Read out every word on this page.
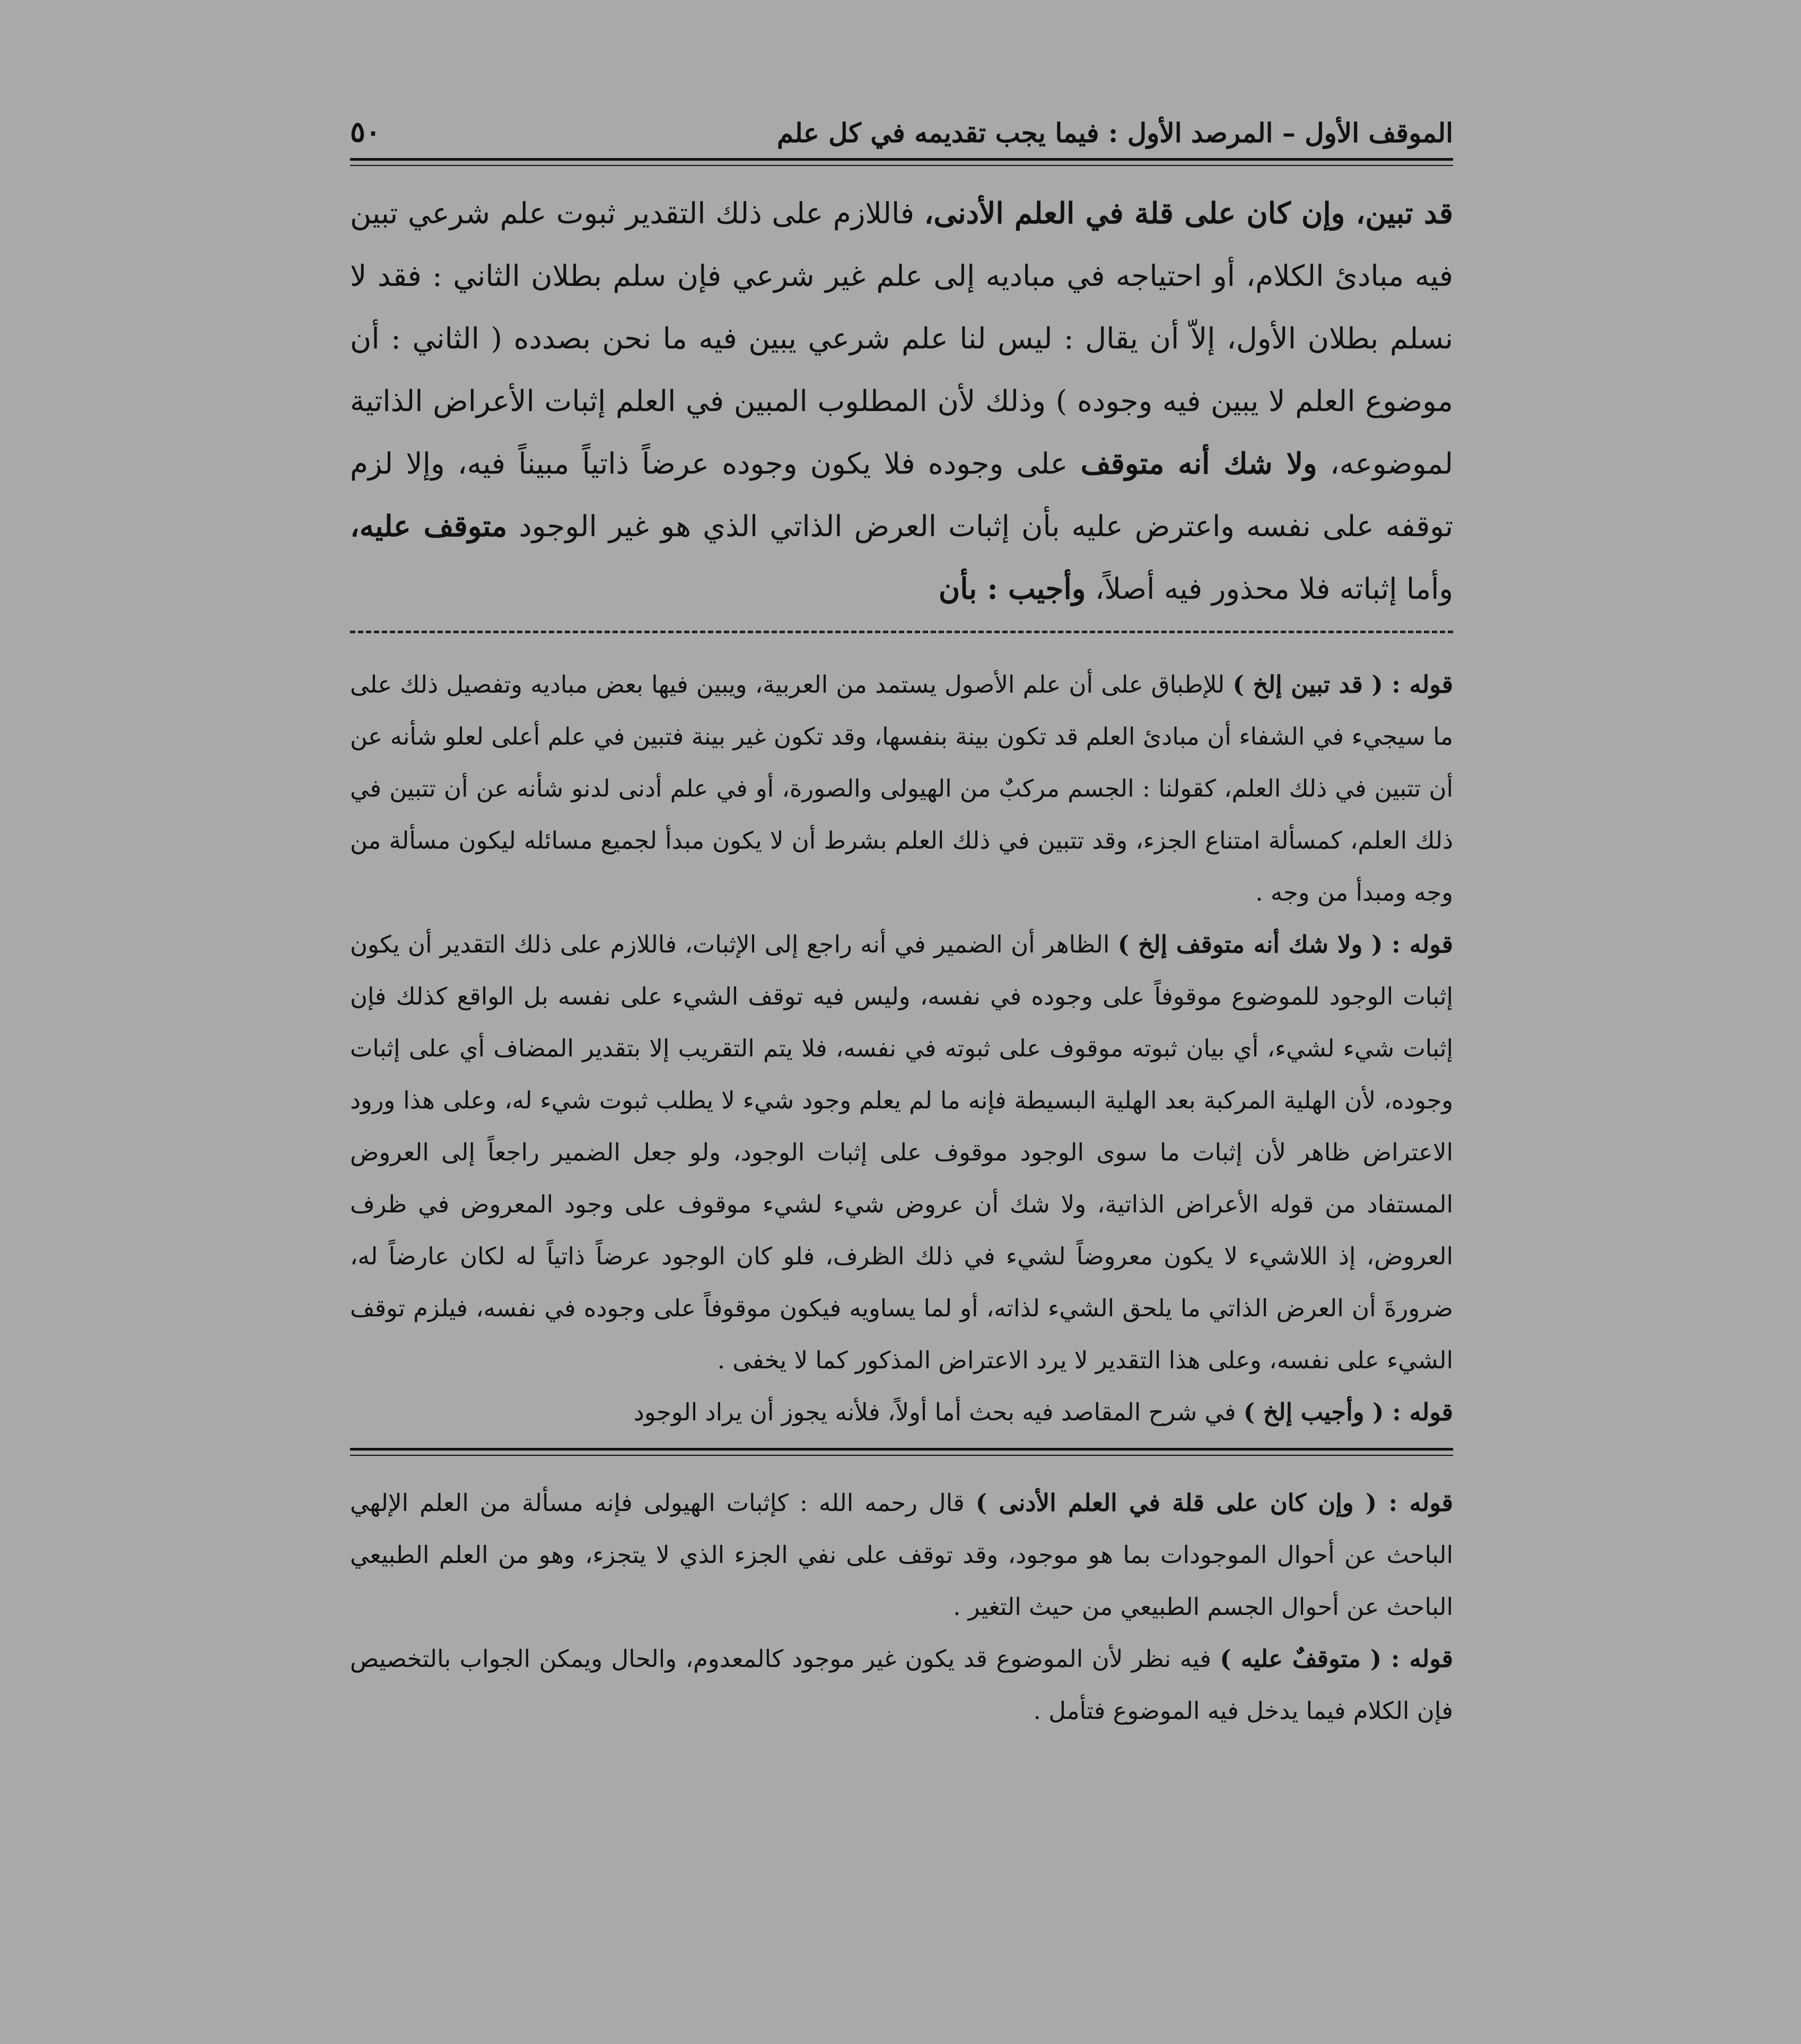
الموقف الأول – المرصد الأول : فيما يجب تقديمه في كل علم
٥٠
قد تبين، وإن كان على قلة في العلم الأدنى، فاللازم على ذلك التقدير ثبوت علم شرعي تبين فيه مبادئ الكلام، أو احتياجه في مباديه إلى علم غير شرعي فإن سلم بطلان الثاني : فقد لا نسلم بطلان الأول، إلاّ أن يقال : ليس لنا علم شرعي يبين فيه ما نحن بصدده ( الثاني : أن موضوع العلم لا يبين فيه وجوده ) وذلك لأن المطلوب المبين في العلم إثبات الأعراض الذاتية لموضوعه، ولا شك أنه متوقف على وجوده فلا يكون وجوده عرضاً ذاتياً مبيناً فيه، وإلا لزم توقفه على نفسه واعترض عليه بأن إثبات العرض الذاتي الذي هو غير الوجود متوقف عليه، وأما إثباته فلا محذور فيه أصلاً، وأجيب : بأن

قوله : ( قد تبين إلخ ) للإطباق على أن علم الأصول يستمد من العربية، ويبين فيها بعض مباديه وتفصيل ذلك على ما سيجيء في الشفاء أن مبادئ العلم قد تكون بينة بنفسها، وقد تكون غير بينة فتبين في علم أعلى لعلو شأنه عن أن تتبين في ذلك العلم، كقولنا : الجسم مركبٌ من الهيولى والصورة، أو في علم أدنى لدنو شأنه عن أن تتبين في ذلك العلم، كمسألة امتناع الجزء، وقد تتبين في ذلك العلم بشرط أن لا يكون مبدأ لجميع مسائله ليكون مسألة من وجه ومبدأ من وجه .

قوله : ( ولا شك أنه متوقف إلخ ) الظاهر أن الضمير في أنه راجع إلى الإثبات، فاللازم على ذلك التقدير أن يكون إثبات الوجود للموضوع موقوفاً على وجوده في نفسه، وليس فيه توقف الشيء على نفسه بل الواقع كذلك فإن إثبات شيء لشيء، أي بيان ثبوته موقوف على ثبوته في نفسه، فلا يتم التقريب إلا بتقدير المضاف أي على إثبات وجوده، لأن الهلية المركبة بعد الهلية البسيطة فإنه ما لم يعلم وجود شيء لا يطلب ثبوت شيء له، وعلى هذا ورود الاعتراض ظاهر لأن إثبات ما سوى الوجود موقوف على إثبات الوجود، ولو جعل الضمير راجعاً إلى العروض المستفاد من قوله الأعراض الذاتية، ولا شك أن عروض شيء لشيء موقوف على وجود المعروض في ظرف العروض، إذ اللاشيء لا يكون معروضاً لشيء في ذلك الظرف، فلو كان الوجود عرضاً ذاتياً له لكان عارضاً له، ضرورةَ أن العرض الذاتي ما يلحق الشيء لذاته، أو لما يساويه فيكون موقوفاً على وجوده في نفسه، فيلزم توقف الشيء على نفسه، وعلى هذا التقدير لا يرد الاعتراض المذكور كما لا يخفى .

قوله : ( وأجيب إلخ ) في شرح المقاصد فيه بحث أما أولاً، فلأنه يجوز أن يراد الوجود

قوله : ( وإن كان على قلة في العلم الأدنى ) قال رحمه الله : كإثبات الهيولى فإنه مسألة من العلم الإلهي الباحث عن أحوال الموجودات بما هو موجود، وقد توقف على نفي الجزء الذي لا يتجزء، وهو من العلم الطبيعي الباحث عن أحوال الجسم الطبيعي من حيث التغير .

قوله : ( متوقفٌ عليه ) فيه نظر لأن الموضوع قد يكون غير موجود كالمعدوم، والحال ويمكن الجواب بالتخصيص فإن الكلام فيما يدخل فيه الموضوع فتأمل .
